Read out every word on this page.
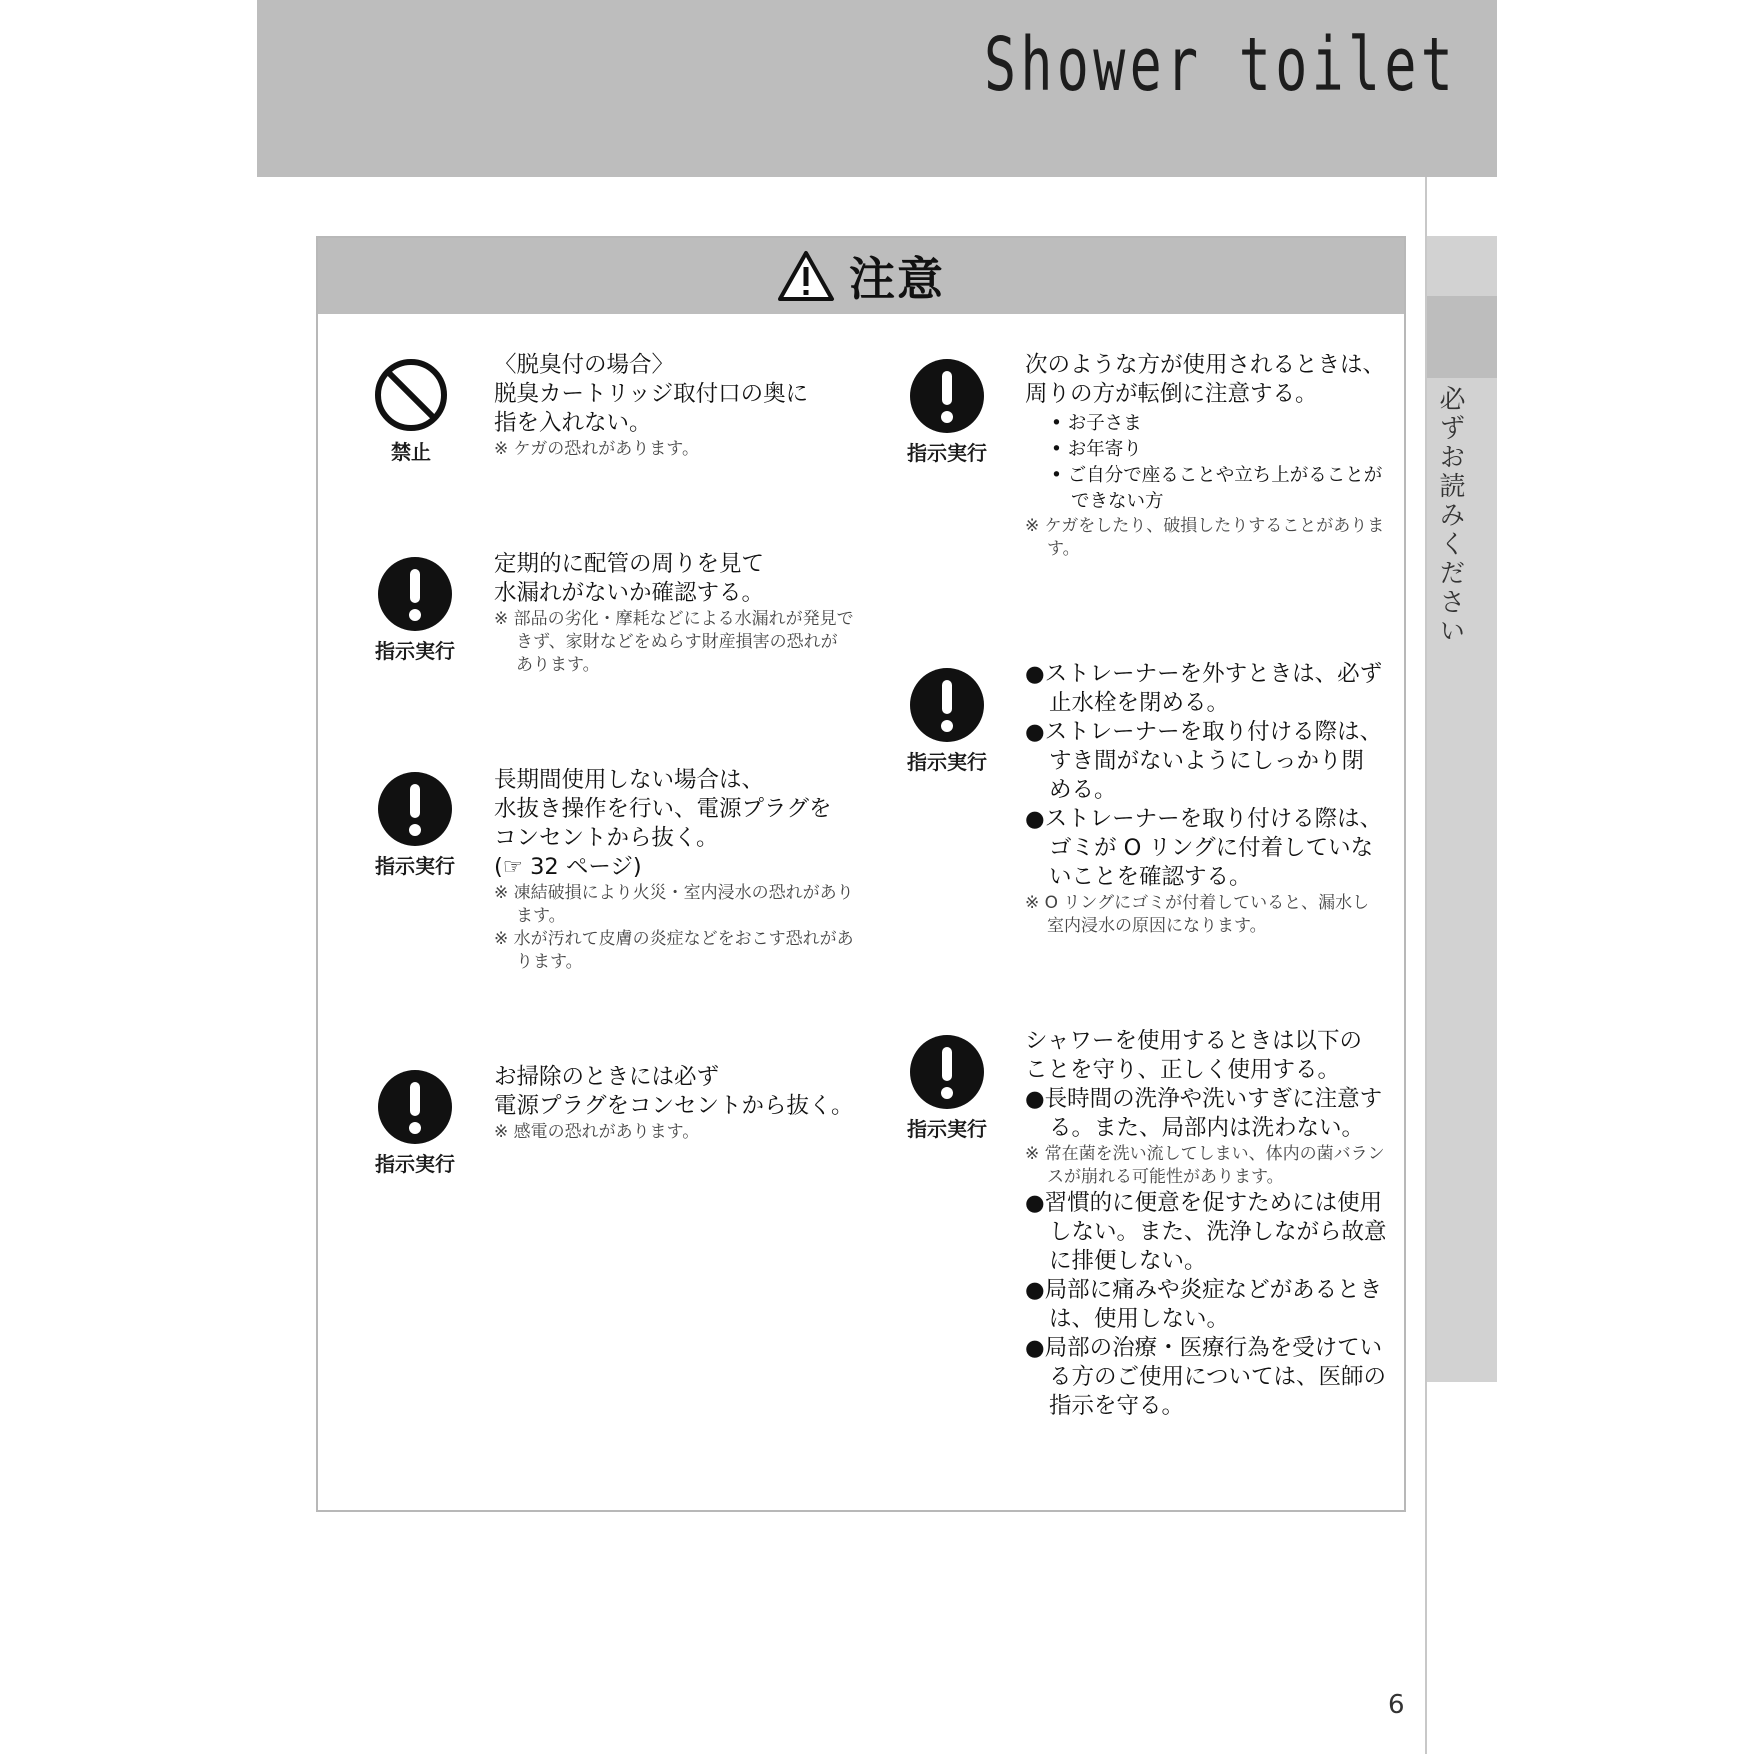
Shower toilet
必ずお読みください
注意
禁止

〈脱臭付の場合〉

脱臭カートリッジ取付口の奥に

指を入れない。

※ ケガの恐れがあります。

指示実行

定期的に配管の周りを見て

水漏れがないか確認する。

※ 部品の劣化・摩耗などによる水漏れが発見できず、家財などをぬらす財産損害の恐れがあります。

指示実行

長期間使用しない場合は、

水抜き操作を行い、電源プラグを

コンセントから抜く。

(☞ 32 ページ)

※ 凍結破損により火災・室内浸水の恐れがあります。

※ 水が汚れて皮膚の炎症などをおこす恐れがあります。

指示実行

お掃除のときには必ず

電源プラグをコンセントから抜く。

※ 感電の恐れがあります。

指示実行

次のような方が使用されるときは、

周りの方が転倒に注意する。

• お子さま

• お年寄り

• ご自分で座ることや立ち上がることができない方

※ ケガをしたり、破損したりすることがあります。

指示実行

●ストレーナーを外すときは、必ず止水栓を閉める。

●ストレーナーを取り付ける際は、すき間がないようにしっかり閉める。

●ストレーナーを取り付ける際は、ゴミが O リングに付着していないことを確認する。

※ O リングにゴミが付着していると、漏水し室内浸水の原因になります。

指示実行

シャワーを使用するときは以下の

ことを守り、正しく使用する。

●長時間の洗浄や洗いすぎに注意する。また、局部内は洗わない。

※ 常在菌を洗い流してしまい、体内の菌バランスが崩れる可能性があります。

●習慣的に便意を促すためには使用しない。また、洗浄しながら故意に排便しない。

●局部に痛みや炎症などがあるときは、使用しない。

●局部の治療・医療行為を受けている方のご使用については、医師の指示を守る。

6
